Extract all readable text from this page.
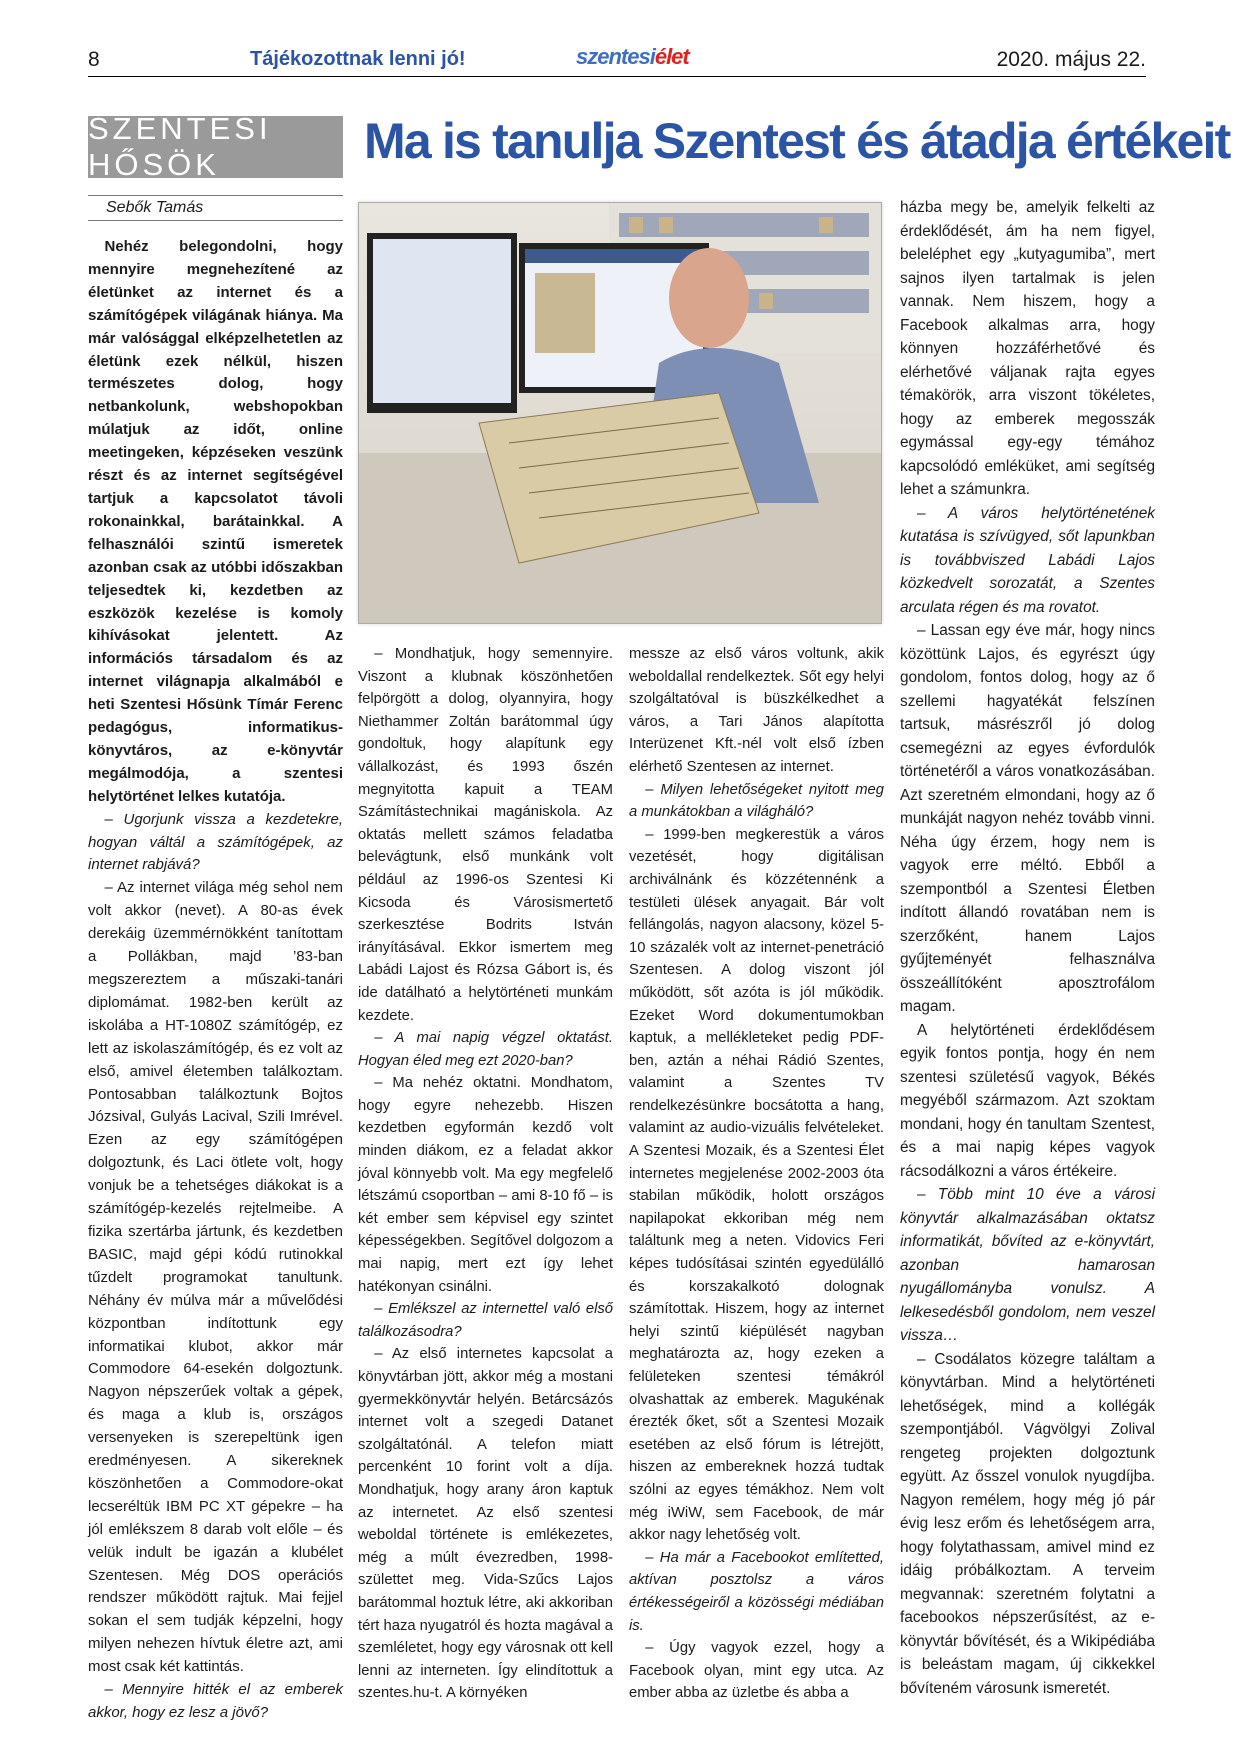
8	Tájékozottnak lenni jó!	szentesiélet	2020. május 22.
SZENTESI HŐSÖK	Ma is tanulja Szentest és átadja értékeit
Sebők Tamás

Nehéz belegondolni, hogy mennyire megnehezítené az életünket az internet és a számítógépek világának hiánya. Ma már valósággal elképzelhetetlen az életünk ezek nélkül, hiszen természetes dolog, hogy netbankolunk, webshopokban múlatjuk az időt, online meetingeken, képzéseken veszünk részt és az internet segítségével tartjuk a kapcsolatot távoli rokonainkkal, barátainkkal. A felhasználói szintű ismeretek azonban csak az utóbbi időszakban teljesedtek ki, kezdetben az eszközök kezelése is komoly kihívásokat jelentett. Az információs társadalom és az internet világnapja alkalmából e heti Szentesi Hősünk Tímár Ferenc pedagógus, informatikus-könyvtáros, az e-könyvtár megálmodója, a szentesi helytörténet lelkes kutatója.

– Ugorjunk vissza a kezdetekre, hogyan váltál a számítógépek, az internet rabjává?

– Az internet világa még sehol nem volt akkor (nevet). A 80-as évek derekáig üzemmérnökként tanítottam a Pollákban, majd ’83-ban megszereztem a műszaki-tanári diplomámat. 1982-ben került az iskolába a HT-1080Z számítógép, ez lett az iskolaszámítógép, és ez volt az első, amivel életemben találkoztam. Pontosabban találkoztunk Bojtos Józsival, Gulyás Lacival, Szili Imrével. Ezen az egy számítógépen dolgoztunk, és Laci ötlete volt, hogy vonjuk be a tehetséges diákokat is a számítógép-kezelés rejtelmeibe. A fizika szertárba jártunk, és kezdetben BASIC, majd gépi kódú rutinokkal tűzdelt programokat tanultunk. Néhány év múlva már a művelődési központban indítottunk egy informatikai klubot, akkor már Commodore 64-esekén dolgoztunk. Nagyon népszerűek voltak a gépek, és maga a klub is, országos versenyeken is szerepeltünk igen eredményesen. A sikereknek köszönhetően a Commodore-okat lecseréltük IBM PC XT gépekre – ha jól emlékszem 8 darab volt előle – és velük indult be igazán a klubélet Szentesen. Még DOS operációs rendszer működött rajtuk. Mai fejjel sokan el sem tudják képzelni, hogy milyen nehezen hívtuk életre azt, ami most csak két kattintás.

– Mennyire hitték el az emberek akkor, hogy ez lesz a jövő?

– Mondhatjuk, hogy semennyire. Viszont a klubnak köszönhetően felpörgött a dolog, olyannyira, hogy Niethammer Zoltán barátommal úgy gondoltuk, hogy alapítunk egy vállalkozást, és 1993 őszén megnyitotta kapuit a TEAM Számítástechnikai magániskola. Az oktatás mellett számos feladatba belevágtunk, első munkánk volt például az 1996-os Szentesi Ki Kicsoda és Városismertető szerkesztése Bodrits István irányításával. Ekkor ismertem meg Labádi Lajost és Rózsa Gábort is, és ide datálható a helytörténeti munkám kezdete.

– A mai napig végzel oktatást. Hogyan éled meg ezt 2020-ban?

– Ma nehéz oktatni. Mondhatom, hogy egyre nehezebb. Hiszen kezdetben egyformán kezdő volt minden diákom, ez a feladat akkor jóval könnyebb volt. Ma egy megfelelő létszámú csoportban – ami 8-10 fő – is két ember sem képvisel egy szintet képességekben. Segítővel dolgozom a mai napig, mert ezt így lehet hatékonyan csinálni.

– Emlékszel az internettel való első találkozásodra?

– Az első internetes kapcsolat a könyvtárban jött, akkor még a mostani gyermekkönyvtár helyén. Betárcsázós internet volt a szegedi Datanet szolgáltatónál. A telefon miatt percenként 10 forint volt a díja. Mondhatjuk, hogy arany áron kaptuk az internetet. Az első szentesi weboldal története is emlékezetes, még a múlt évezredben, 1998-születtet meg. Vida-Szűcs Lajos barátommal hoztuk létre, aki akkoriban tért haza nyugatról és hozta magával a szemléletet, hogy egy városnak ott kell lenni az interneten. Így elindítottuk a szentes.hu-t. A környéken

messze az első város voltunk, akik weboldallal rendelkeztek. Sőt egy helyi szolgáltatóval is büszkélkedhet a város, a Tari János alapította Interüzenet Kft.-nél volt első ízben elérhető Szentesen az internet.

– Milyen lehetőségeket nyitott meg a munkátokban a világháló?

– 1999-ben megkerestük a város vezetését, hogy digitálisan archiválnánk és közzétennénk a testületi ülések anyagait. Bár volt fellángolás, nagyon alacsony, közel 5-10 százalék volt az internet-penetráció Szentesen. A dolog viszont jól működött, sőt azóta is jól működik. Ezeket Word dokumentumokban kaptuk, a mellékleteket pedig PDF-ben, aztán a néhai Rádió Szentes, valamint a Szentes TV rendelkezésünkre bocsátotta a hang, valamint az audio-vizuális felvételeket. A Szentesi Mozaik, és a Szentesi Élet internetes megjelenése 2002-2003 óta stabilan működik, holott országos napilapokat ekkoriban még nem találtunk meg a neten. Vidovics Feri képes tudósításai szintén egyedülálló és korszakalkotó dolognak számítottak. Hiszem, hogy az internet helyi szintű kiépülését nagyban meghatározta az, hogy ezeken a felületeken szentesi témákról olvashattak az emberek. Magukénak érezték őket, sőt a Szentesi Mozaik esetében az első fórum is létrejött, hiszen az embereknek hozzá tudtak szólni az egyes témákhoz. Nem volt még iWiW, sem Facebook, de már akkor nagy lehetőség volt.

– Ha már a Facebookot említetted, aktívan posztolsz a város értékességeiről a közösségi médiában is.

– Úgy vagyok ezzel, hogy a Facebook olyan, mint egy utca. Az ember abba az üzletbe és abba a

házba megy be, amelyik felkelti az érdeklődését, ám ha nem figyel, beleléphet egy „kutyagumiba”, mert sajnos ilyen tartalmak is jelen vannak. Nem hiszem, hogy a Facebook alkalmas arra, hogy könnyen hozzáférhetővé és elérhetővé váljanak rajta egyes témakörök, arra viszont tökéletes, hogy az emberek megosszák egymással egy-egy témához kapcsolódó emléküket, ami segítség lehet a számunkra.

– A város helytörténetének kutatása is szívügyed, sőt lapunkban is továbbviszed Labádi Lajos közkedvelt sorozatát, a Szentes arculata régen és ma rovatot.

– Lassan egy éve már, hogy nincs közöttünk Lajos, és egyrészt úgy gondolom, fontos dolog, hogy az ő szellemi hagyatékát felszínen tartsuk, másrészről jó dolog csemegézni az egyes évfordulók történetéről a város vonatkozásában. Azt szeretném elmondani, hogy az ő munkáját nagyon nehéz tovább vinni. Néha úgy érzem, hogy nem is vagyok erre méltó. Ebből a szempontból a Szentesi Életben indított állandó rovatában nem is szerzőként, hanem Lajos gyűjteményét felhasználva összeállítóként aposztrofálom magam.

A helytörténeti érdeklődésem egyik fontos pontja, hogy én nem szentesi születésű vagyok, Békés megyéből származom. Azt szoktam mondani, hogy én tanultam Szentest, és a mai napig képes vagyok rácsodálkozni a város értékeire.

– Több mint 10 éve a városi könyvtár alkalmazásában oktatsz informatikát, bővíted az e-könyvtárt, azonban hamarosan nyugállományba vonulsz. A lelkesedésből gondolom, nem veszel vissza…

– Csodálatos közegre találtam a könyvtárban. Mind a helytörténeti lehetőségek, mind a kollégák szempontjából. Vágvölgyi Zolival rengeteg projekten dolgoztunk együtt. Az ősszel vonulok nyugdíjba. Nagyon remélem, hogy még jó pár évig lesz erőm és lehetőségem arra, hogy folytathassam, amivel mind ez idáig próbálkoztam. A terveim megvannak: szeretném folytatni a facebookos népszerűsítést, az e-könyvtár bővítését, és a Wikipédiába is beleástam magam, új cikkekkel bővíteném városunk ismeretét.
